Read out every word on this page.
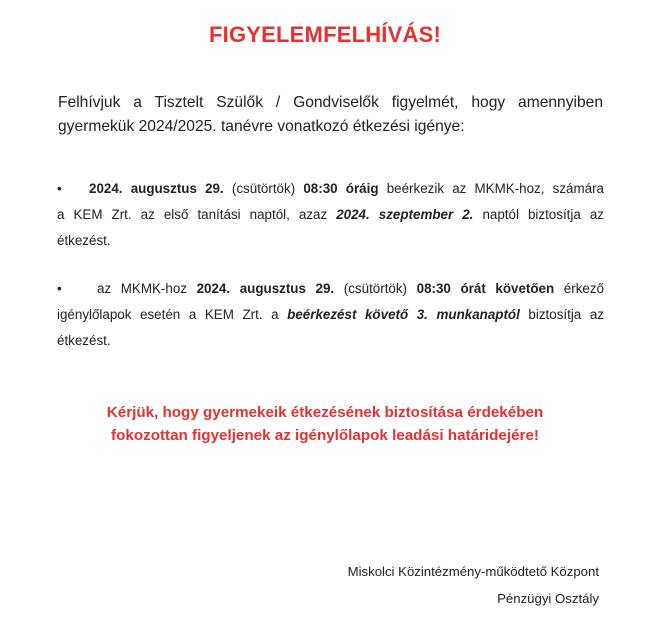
FIGYELEMFELHÍVÁS!
Felhívjuk a Tisztelt Szülők / Gondviselők figyelmét, hogy amennyiben
gyermekük 2024/2025. tanévre vonatkozó étkezési igénye:
•	2024. augusztus 29. (csütörtök) 08:30 óráig beérkezik az MKMK-hoz, számára
a KEM Zrt. az első tanítási naptól, azaz 2024. szeptember 2. naptól biztosítja az
étkezést.
•	az MKMK-hoz 2024. augusztus 29. (csütörtök) 08:30 órát követően érkező
igénylőlapok esetén a KEM Zrt. a beérkezést követő 3. munkanaptól biztosítja az
étkezést.
Kérjük, hogy gyermekeik étkezésének biztosítása érdekében
fokozottan figyeljenek az igénylőlapok leadási határidejére!
Miskolci Közintézmény-működtető Központ
Pénzügyi Osztály
